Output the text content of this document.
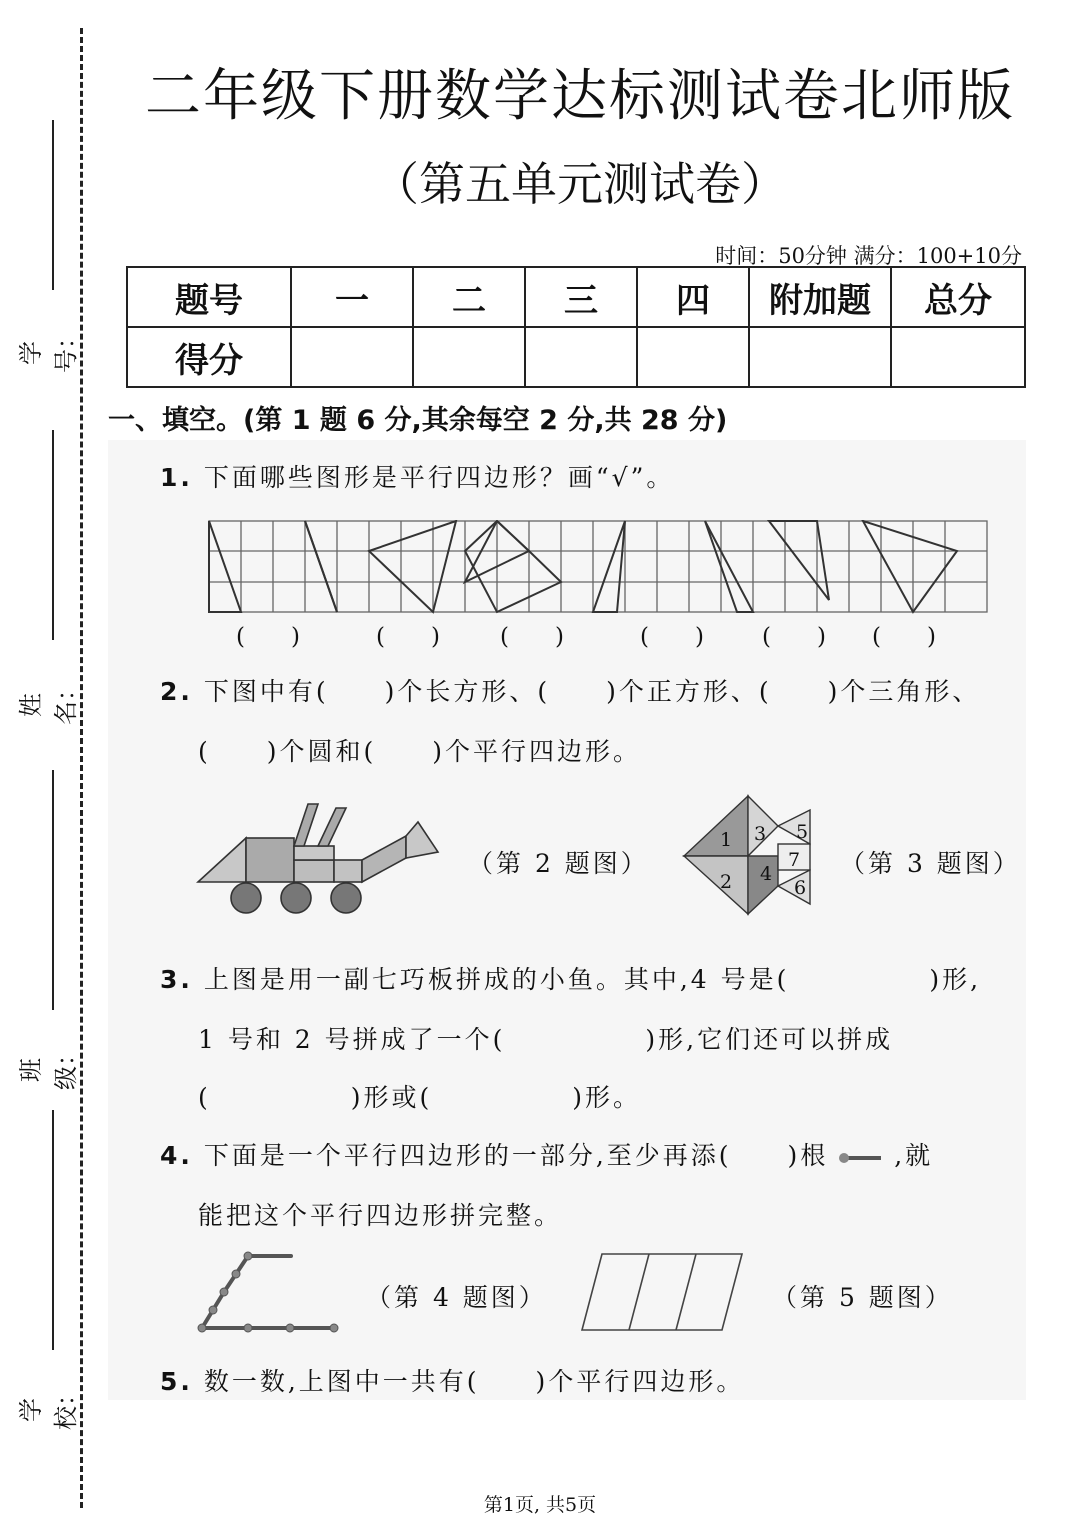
学号：
姓名：
班级：
学校：
二年级下册数学达标测试卷北师版
（第五单元测试卷）
时间：50分钟 满分：100+10分
题号	一	二	三	四	附加题	总分
得分						
一、填空。(第 1 题 6 分,其余每空 2 分,共 28 分)
1. 下面哪些图形是平行四边形？画“√”。
(　　)	(　　)	(　　)	(　　)	(　　) (　　)
2. 下图中有(　　)个长方形、(　　)个正方形、(　　)个三角形、
(　　)个圆和(　　)个平行四边形。
（第 2 题图）
1
2
3
4
5
6
7 （第 3 题图）
3. 上图是用一副七巧板拼成的小鱼。其中,4 号是(　　　　　)形,
1 号和 2 号拼成了一个(　　　　　)形,它们还可以拼成
(　　　　　)形或(　　　　　)形。
4. 下面是一个平行四边形的一部分,至少再添(　　)根	,就
能把这个平行四边形拼完整。
（第 4 题图）	（第 5 题图）
5. 数一数,上图中一共有(　　)个平行四边形。
第1页, 共5页
